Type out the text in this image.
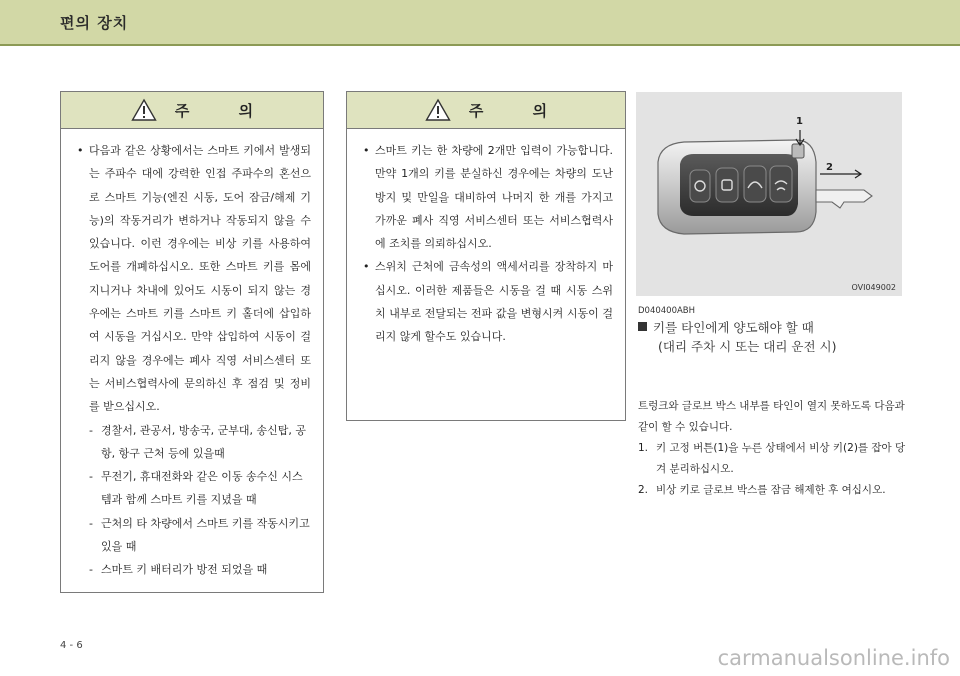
편의 장치
주 의
• 다음과 같은 상황에서는 스마트 키에서 발생되는 주파수 대에 강력한 인접 주파수의 혼선으로 스마트 기능(엔진 시동, 도어 잠금/해제 기능)의 작동거리가 변하거나 작동되지 않을 수 있습니다. 이런 경우에는 비상 키를 사용하여 도어를 개폐하십시오. 또한 스마트 키를 몸에 지니거나 차내에 있어도 시동이 되지 않는 경우에는 스마트 키를 스마트 키 홀더에 삽입하여 시동을 거십시오. 만약 삽입하여 시동이 걸리지 않을 경우에는 폐사 직영 서비스센터 또는 서비스협력사에 문의하신 후 점검 및 정비를 받으십시오.
- 경찰서, 관공서, 방송국, 군부대, 송신탑, 공항, 항구 근처 등에 있을때
- 무전기, 휴대전화와 같은 이동 송수신 시스템과 함께 스마트 키를 지녔을 때
- 근처의 타 차량에서 스마트 키를 작동시키고 있을 때
- 스마트 키 배터리가 방전 되었을 때
주 의
• 스마트 키는 한 차량에 2개만 입력이 가능합니다. 만약 1개의 키를 분실하신 경우에는 차량의 도난 방지 및 만일을 대비하여 나머지 한 개를 가지고 가까운 폐사 직영 서비스센터 또는 서비스협력사에 조치를 의뢰하십시오.
• 스위치 근처에 금속성의 액세서리를 장착하지 마십시오. 이러한 제품들은 시동을 걸 때 시동 스위치 내부로 전달되는 전파 값을 변형시켜 시동이 걸리지 않게 할수도 있습니다.
1
2
OVI049002
D040400ABH
키를 타인에게 양도해야 할 때
(대리 주차 시 또는 대리 운전 시)
트렁크와 글로브 박스 내부를 타인이 열지 못하도록 다음과 같이 할 수 있습니다.
1. 키 고정 버튼(1)을 누른 상태에서 비상 키(2)를 잡아 당겨 분리하십시오.
2. 비상 키로 글로브 박스를 잠금 해제한 후 여십시오.
4 - 6
carmanualsonline.info
